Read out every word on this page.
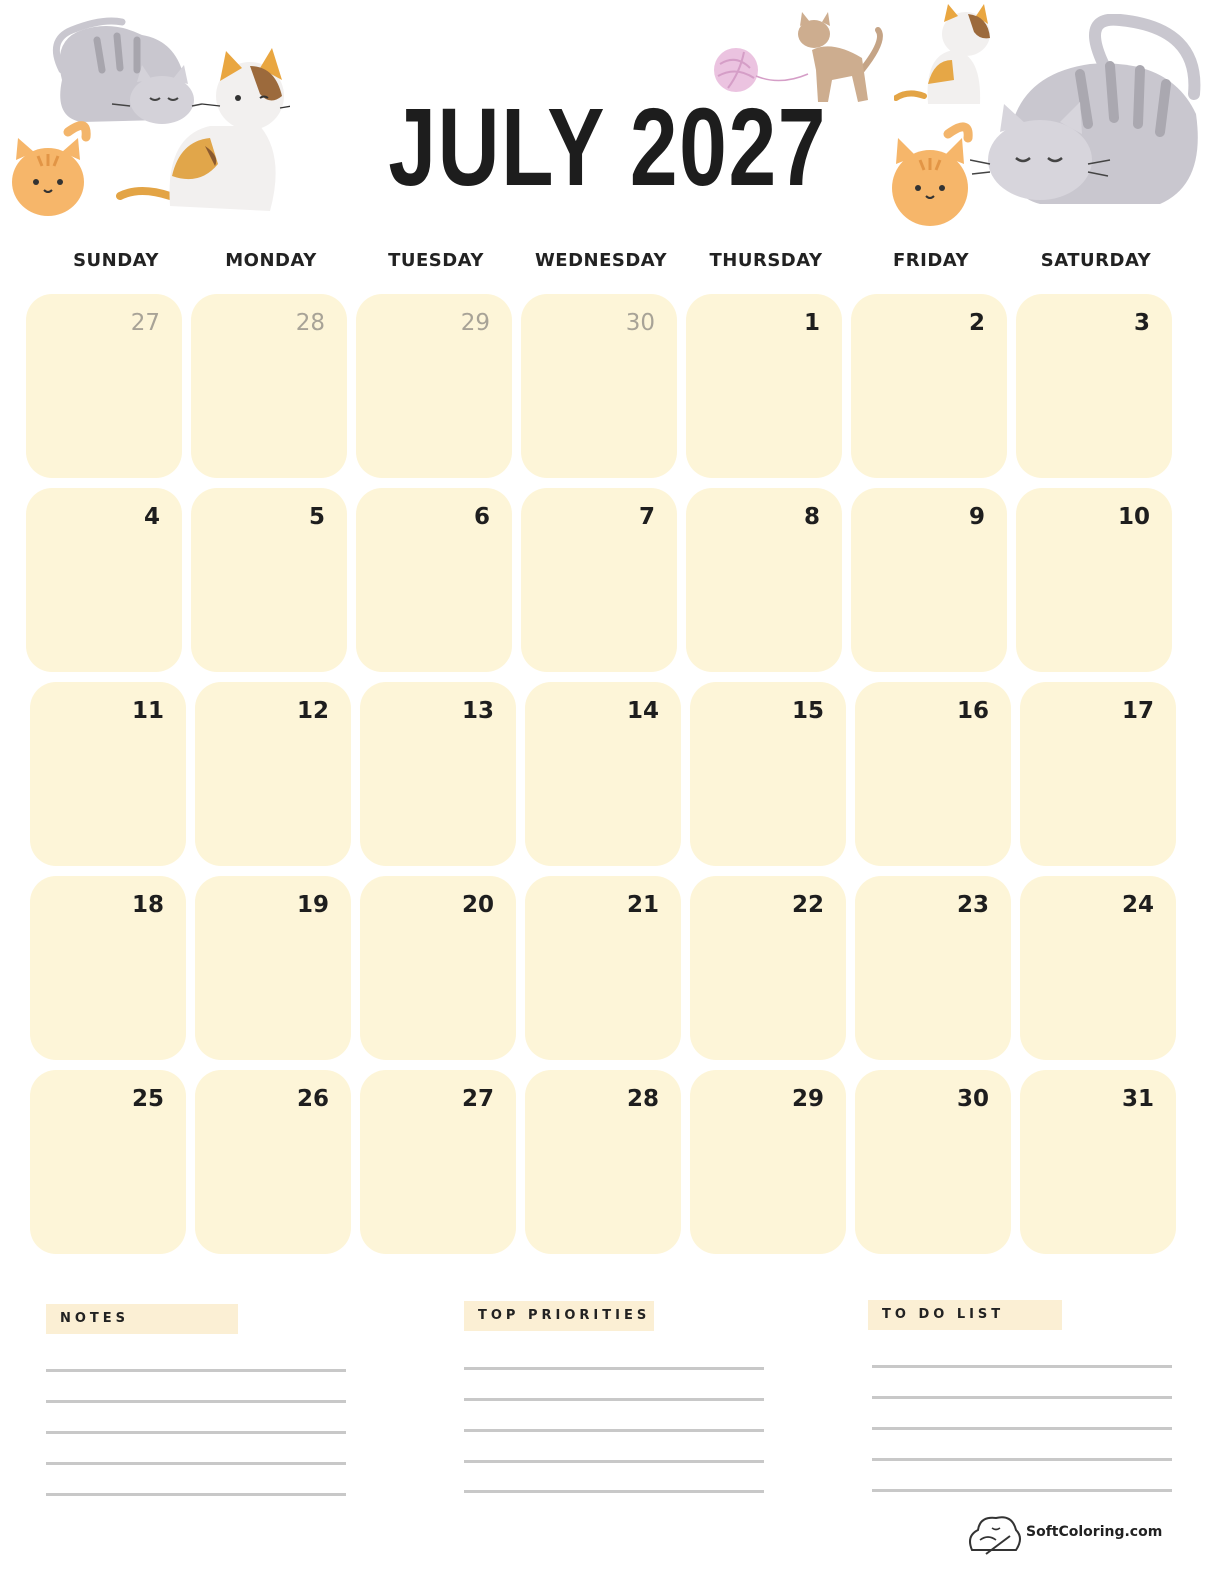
JULY 2027
SUNDAY	MONDAY	TUESDAY	WEDNESDAY	THURSDAY	FRIDAY	SATURDAY
27	28	29	30	1	2	3
4	5	6	7	8	9	10
11	12	13	14	15	16	17
18	19	20	21	22	23	24
25	26	27	28	29	30	31
NOTES	TOP PRIORITIES	TO DO LIST
SoftColoring.com
